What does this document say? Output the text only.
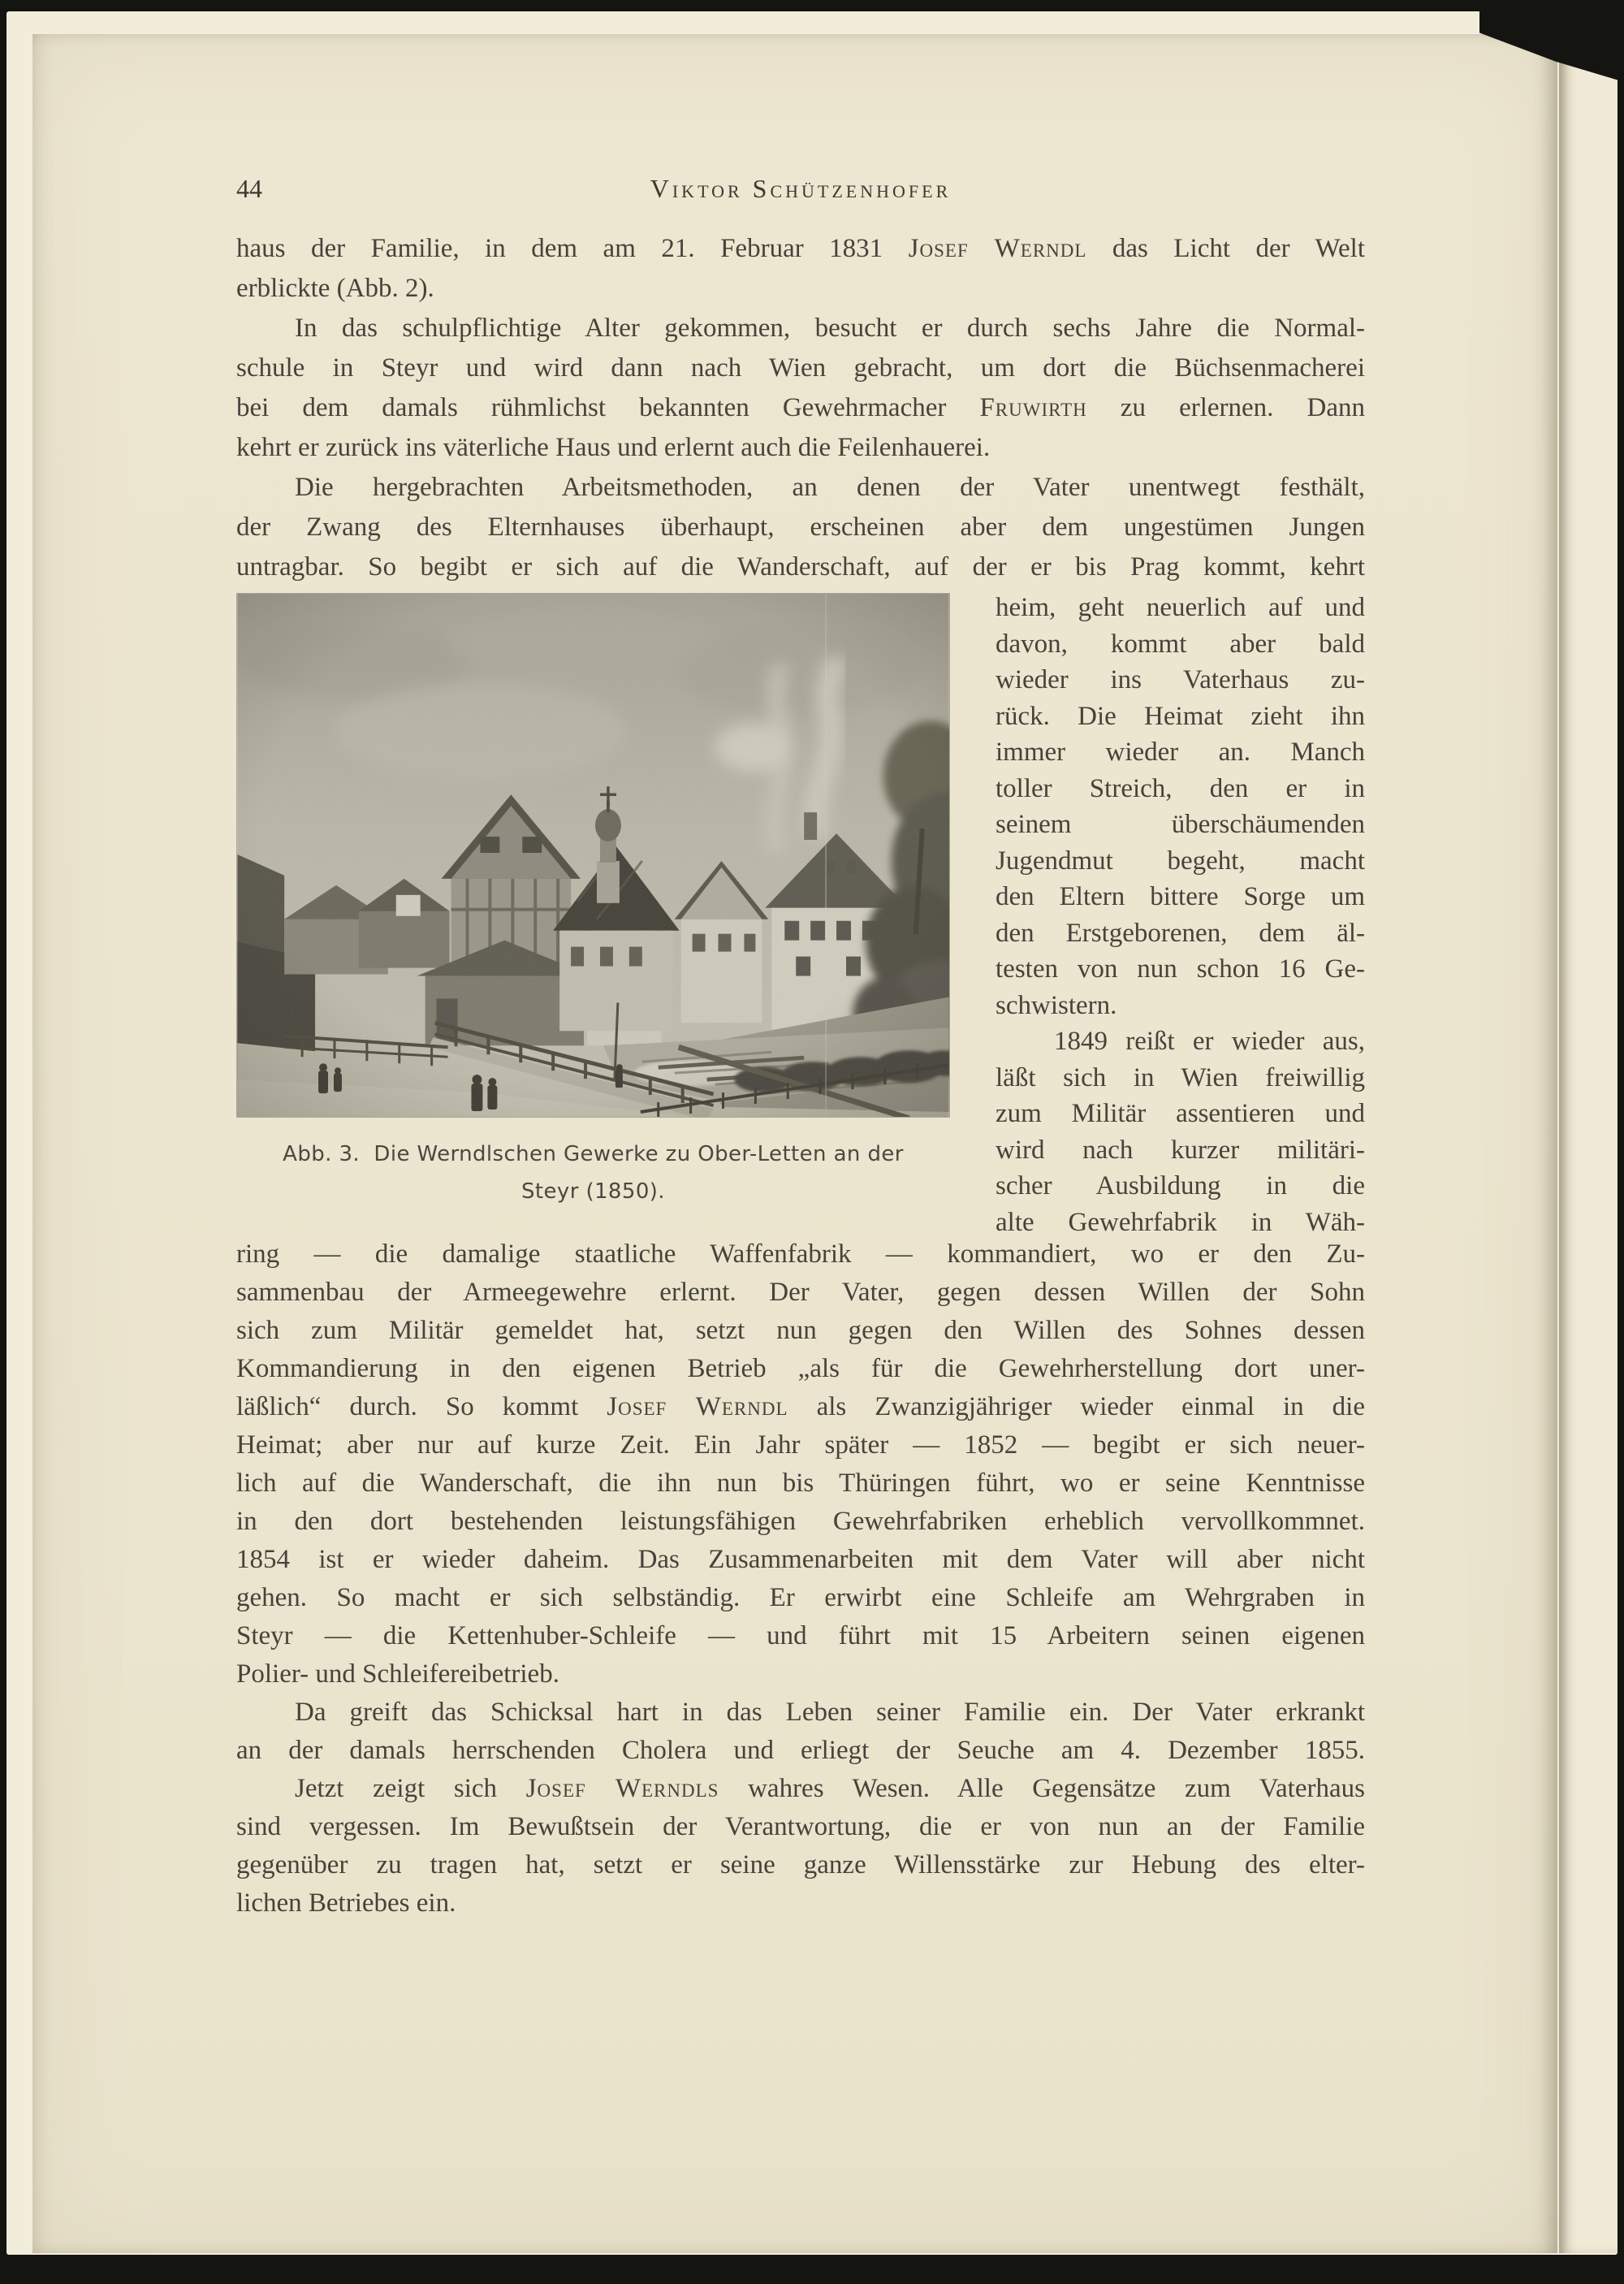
44	Viktor Schützenhofer
haus der Familie, in dem am 21. Februar 1831 Josef Werndl das Licht der Welt
erblickte (Abb. 2).
In das schulpflichtige Alter gekommen, besucht er durch sechs Jahre die Normal-
schule in Steyr und wird dann nach Wien gebracht, um dort die Büchsenmacherei
bei dem damals rühmlichst bekannten Gewehrmacher Fruwirth zu erlernen. Dann
kehrt er zurück ins väterliche Haus und erlernt auch die Feilenhauerei.
Die hergebrachten Arbeitsmethoden, an denen der Vater unentwegt festhält,
der Zwang des Elternhauses überhaupt, erscheinen aber dem ungestümen Jungen
untragbar. So begibt er sich auf die Wanderschaft, auf der er bis Prag kommt, kehrt
Abb. 3.  Die Werndlschen Gewerke zu Ober-Letten an der
Steyr (1850).
heim, geht neuerlich auf und
davon, kommt aber bald
wieder ins Vaterhaus zu-
rück. Die Heimat zieht ihn
immer wieder an. Manch
toller Streich, den er in
seinem überschäumenden
Jugendmut begeht, macht
den Eltern bittere Sorge um
den Erstgeborenen, dem äl-
testen von nun schon 16 Ge-
schwistern.
1849 reißt er wieder aus,
läßt sich in Wien freiwillig
zum Militär assentieren und
wird nach kurzer militäri-
scher Ausbildung in die
alte Gewehrfabrik in Wäh-
ring — die damalige staatliche Waffenfabrik — kommandiert, wo er den Zu-
sammenbau der Armeegewehre erlernt. Der Vater, gegen dessen Willen der Sohn
sich zum Militär gemeldet hat, setzt nun gegen den Willen des Sohnes dessen
Kommandierung in den eigenen Betrieb „als für die Gewehrherstellung dort uner-
läßlich“ durch. So kommt Josef Werndl als Zwanzigjähriger wieder einmal in die
Heimat; aber nur auf kurze Zeit. Ein Jahr später — 1852 — begibt er sich neuer-
lich auf die Wanderschaft, die ihn nun bis Thüringen führt, wo er seine Kenntnisse
in den dort bestehenden leistungsfähigen Gewehrfabriken erheblich vervollkommnet.
1854 ist er wieder daheim. Das Zusammenarbeiten mit dem Vater will aber nicht
gehen. So macht er sich selbständig. Er erwirbt eine Schleife am Wehrgraben in
Steyr — die Kettenhuber-Schleife — und führt mit 15 Arbeitern seinen eigenen
Polier- und Schleifereibetrieb.
Da greift das Schicksal hart in das Leben seiner Familie ein. Der Vater erkrankt
an der damals herrschenden Cholera und erliegt der Seuche am 4. Dezember 1855.
Jetzt zeigt sich Josef Werndls wahres Wesen. Alle Gegensätze zum Vaterhaus
sind vergessen. Im Bewußtsein der Verantwortung, die er von nun an der Familie
gegenüber zu tragen hat, setzt er seine ganze Willensstärke zur Hebung des elter-
lichen Betriebes ein.
